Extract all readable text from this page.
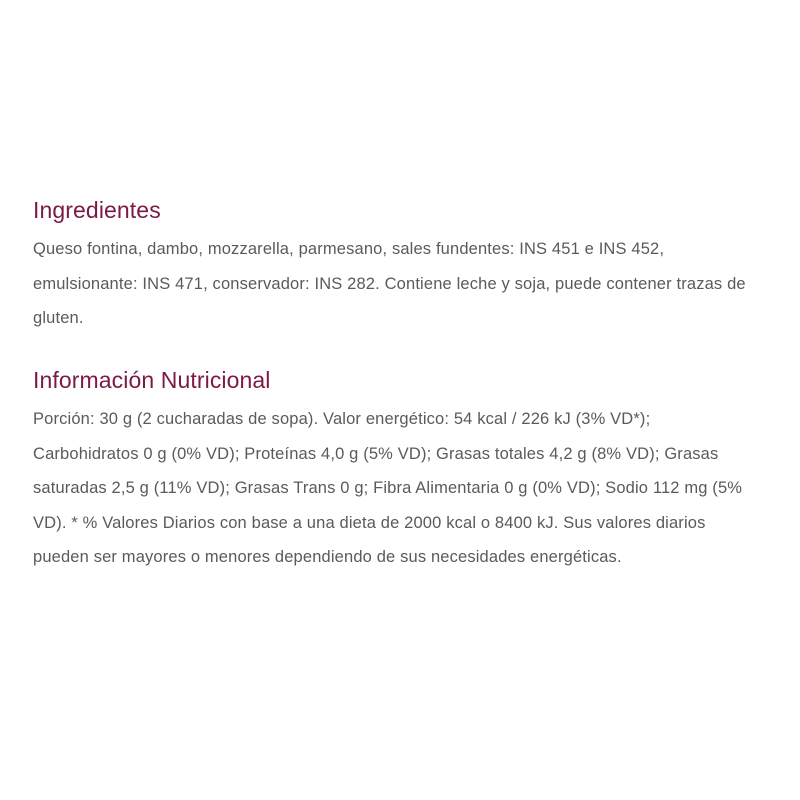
Ingredientes

Queso fontina, dambo, mozzarella, parmesano, sales fundentes: INS 451 e INS 452, emulsionante: INS 471, conservador: INS 282. Contiene leche y soja, puede contener trazas de gluten.

Información Nutricional

Porción: 30 g (2 cucharadas de sopa). Valor energético: 54 kcal / 226 kJ (3% VD*); Carbohidratos 0 g (0% VD); Proteínas 4,0 g (5% VD); Grasas totales 4,2 g (8% VD); Grasas saturadas 2,5 g (11% VD); Grasas Trans 0 g; Fibra Alimentaria 0 g (0% VD); Sodio 112 mg (5% VD). * % Valores Diarios con base a una dieta de 2000 kcal o 8400 kJ. Sus valores diarios pueden ser mayores o menores dependiendo de sus necesidades energéticas.
